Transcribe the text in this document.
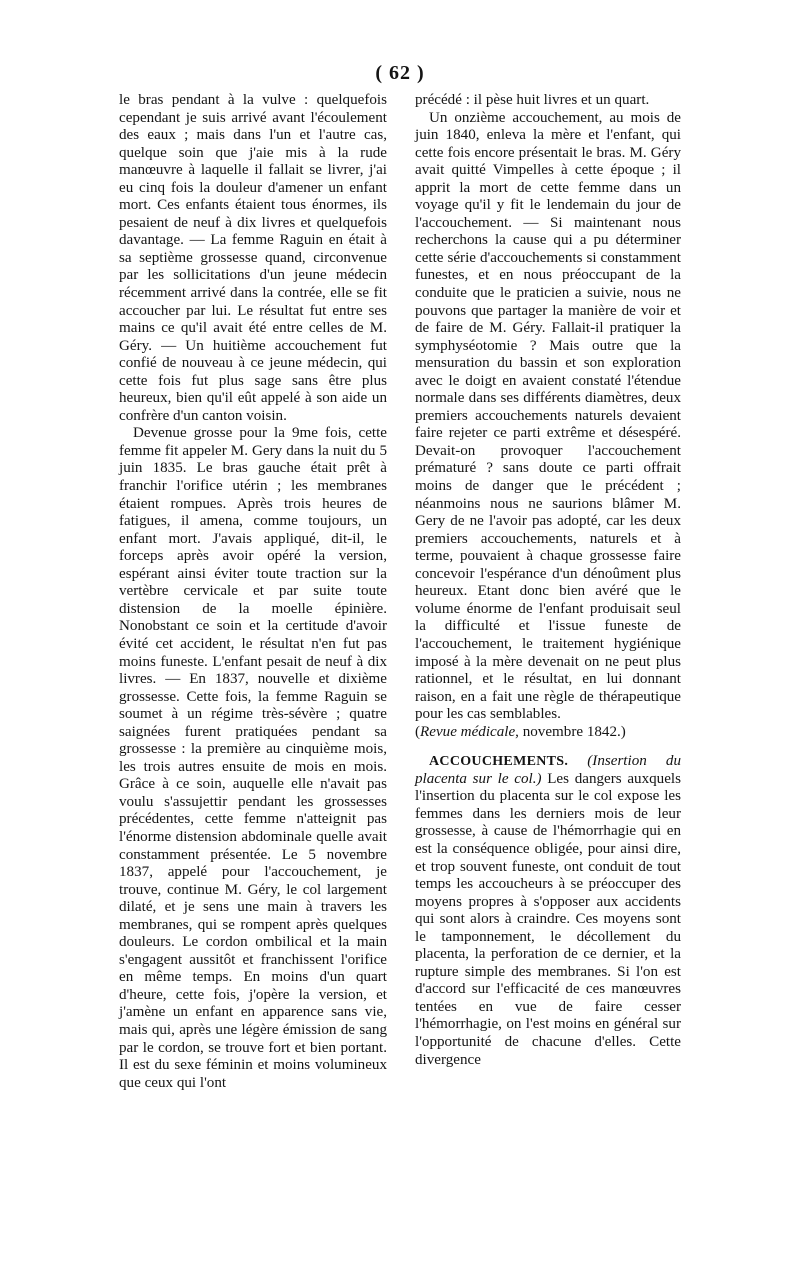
( 62 )

le bras pendant à la vulve : quelquefois cependant je suis arrivé avant l'écoulement des eaux ; mais dans l'un et l'autre cas, quelque soin que j'aie mis à la rude manœuvre à laquelle il fallait se livrer, j'ai eu cinq fois la douleur d'amener un enfant mort. Ces enfants étaient tous énormes, ils pesaient de neuf à dix livres et quelquefois davantage. — La femme Raguin en était à sa septième grossesse quand, circonvenue par les sollicitations d'un jeune médecin récemment arrivé dans la contrée, elle se fit accoucher par lui. Le résultat fut entre ses mains ce qu'il avait été entre celles de M. Géry. — Un huitième accouchement fut confié de nouveau à ce jeune médecin, qui cette fois fut plus sage sans être plus heureux, bien qu'il eût appelé à son aide un confrère d'un canton voisin.

Devenue grosse pour la 9me fois, cette femme fit appeler M. Gery dans la nuit du 5 juin 1835. Le bras gauche était prêt à franchir l'orifice utérin ; les membranes étaient rompues. Après trois heures de fatigues, il amena, comme toujours, un enfant mort. J'avais appliqué, dit-il, le forceps après avoir opéré la version, espérant ainsi éviter toute traction sur la vertèbre cervicale et par suite toute distension de la moelle épinière. Nonobstant ce soin et la certitude d'avoir évité cet accident, le résultat n'en fut pas moins funeste. L'enfant pesait de neuf à dix livres. — En 1837, nouvelle et dixième grossesse. Cette fois, la femme Raguin se soumet à un régime très-sévère ; quatre saignées furent pratiquées pendant sa grossesse : la première au cinquième mois, les trois autres ensuite de mois en mois. Grâce à ce soin, auquelle elle n'avait pas voulu s'assujettir pendant les grossesses précédentes, cette femme n'atteignit pas l'énorme distension abdominale quelle avait constamment présentée. Le 5 novembre 1837, appelé pour l'accouchement, je trouve, continue M. Géry, le col largement dilaté, et je sens une main à travers les membranes, qui se rompent après quelques douleurs. Le cordon ombilical et la main s'engagent aussitôt et franchissent l'orifice en même temps. En moins d'un quart d'heure, cette fois, j'opère la version, et j'amène un enfant en apparence sans vie, mais qui, après une légère émission de sang par le cordon, se trouve fort et bien portant. Il est du sexe féminin et moins volumineux que ceux qui l'ont

précédé : il pèse huit livres et un quart.

Un onzième accouchement, au mois de juin 1840, enleva la mère et l'enfant, qui cette fois encore présentait le bras. M. Géry avait quitté Vimpelles à cette époque ; il apprit la mort de cette femme dans un voyage qu'il y fit le lendemain du jour de l'accouchement. — Si maintenant nous recherchons la cause qui a pu déterminer cette série d'accouchements si constamment funestes, et en nous préoccupant de la conduite que le praticien a suivie, nous ne pouvons que partager la manière de voir et de faire de M. Géry. Fallait-il pratiquer la symphyséotomie ? Mais outre que la mensuration du bassin et son exploration avec le doigt en avaient constaté l'étendue normale dans ses différents diamètres, deux premiers accouchements naturels devaient faire rejeter ce parti extrême et désespéré. Devait-on provoquer l'accouchement prématuré ? sans doute ce parti offrait moins de danger que le précédent ; néanmoins nous ne saurions blâmer M. Gery de ne l'avoir pas adopté, car les deux premiers accouchements, naturels et à terme, pouvaient à chaque grossesse faire concevoir l'espérance d'un dénoûment plus heureux. Etant donc bien avéré que le volume énorme de l'enfant produisait seul la difficulté et l'issue funeste de l'accouchement, le traitement hygiénique imposé à la mère devenait on ne peut plus rationnel, et le résultat, en lui donnant raison, en a fait une règle de thérapeutique pour les cas semblables.

(Revue médicale, novembre 1842.)

ACCOUCHEMENTS. (Insertion du placenta sur le col.) Les dangers auxquels l'insertion du placenta sur le col expose les femmes dans les derniers mois de leur grossesse, à cause de l'hémorrhagie qui en est la conséquence obligée, pour ainsi dire, et trop souvent funeste, ont conduit de tout temps les accoucheurs à se préoccuper des moyens propres à s'opposer aux accidents qui sont alors à craindre. Ces moyens sont le tamponnement, le décollement du placenta, la perforation de ce dernier, et la rupture simple des membranes. Si l'on est d'accord sur l'efficacité de ces manœuvres tentées en vue de faire cesser l'hémorrhagie, on l'est moins en général sur l'opportunité de chacune d'elles. Cette divergence
